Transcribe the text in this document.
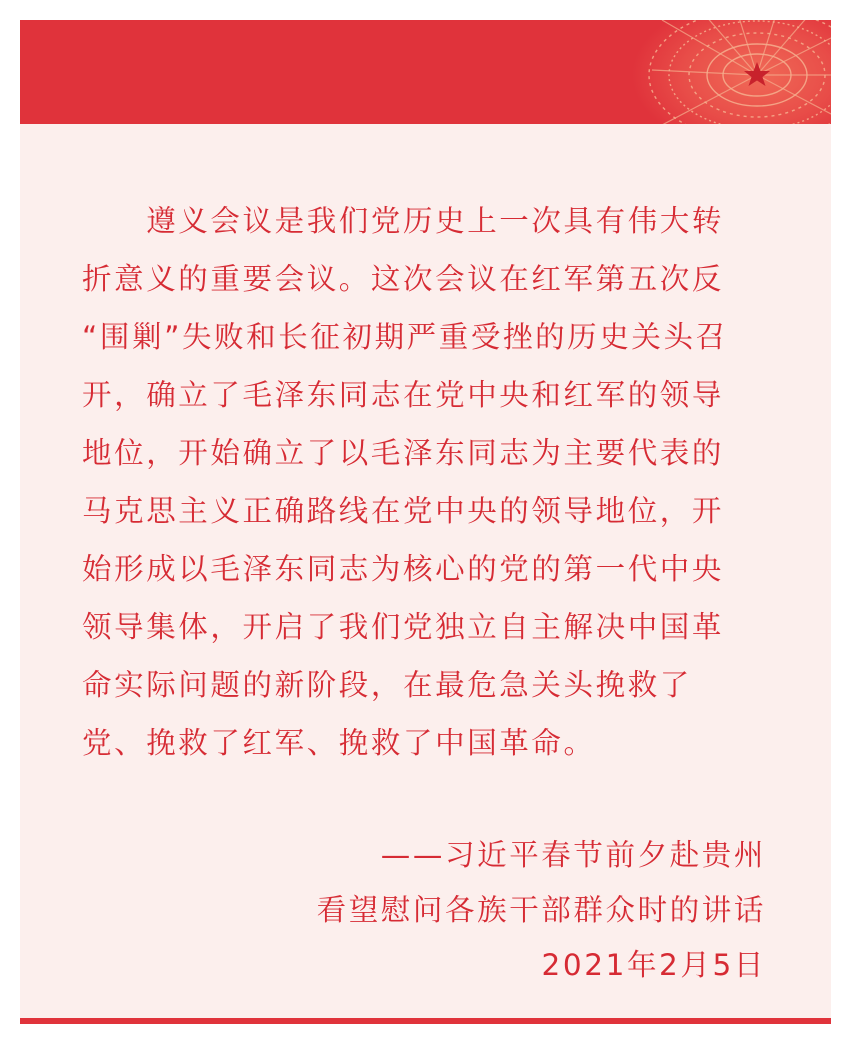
　　遵义会议是我们党历史上一次具有伟大转
折意义的重要会议。这次会议在红军第五次反
“围剿”失败和长征初期严重受挫的历史关头召
开，确立了毛泽东同志在党中央和红军的领导
地位，开始确立了以毛泽东同志为主要代表的
马克思主义正确路线在党中央的领导地位，开
始形成以毛泽东同志为核心的党的第一代中央
领导集体，开启了我们党独立自主解决中国革
命实际问题的新阶段，在最危急关头挽救了
党、挽救了红军、挽救了中国革命。
——习近平春节前夕赴贵州
看望慰问各族干部群众时的讲话
2021年2月5日
